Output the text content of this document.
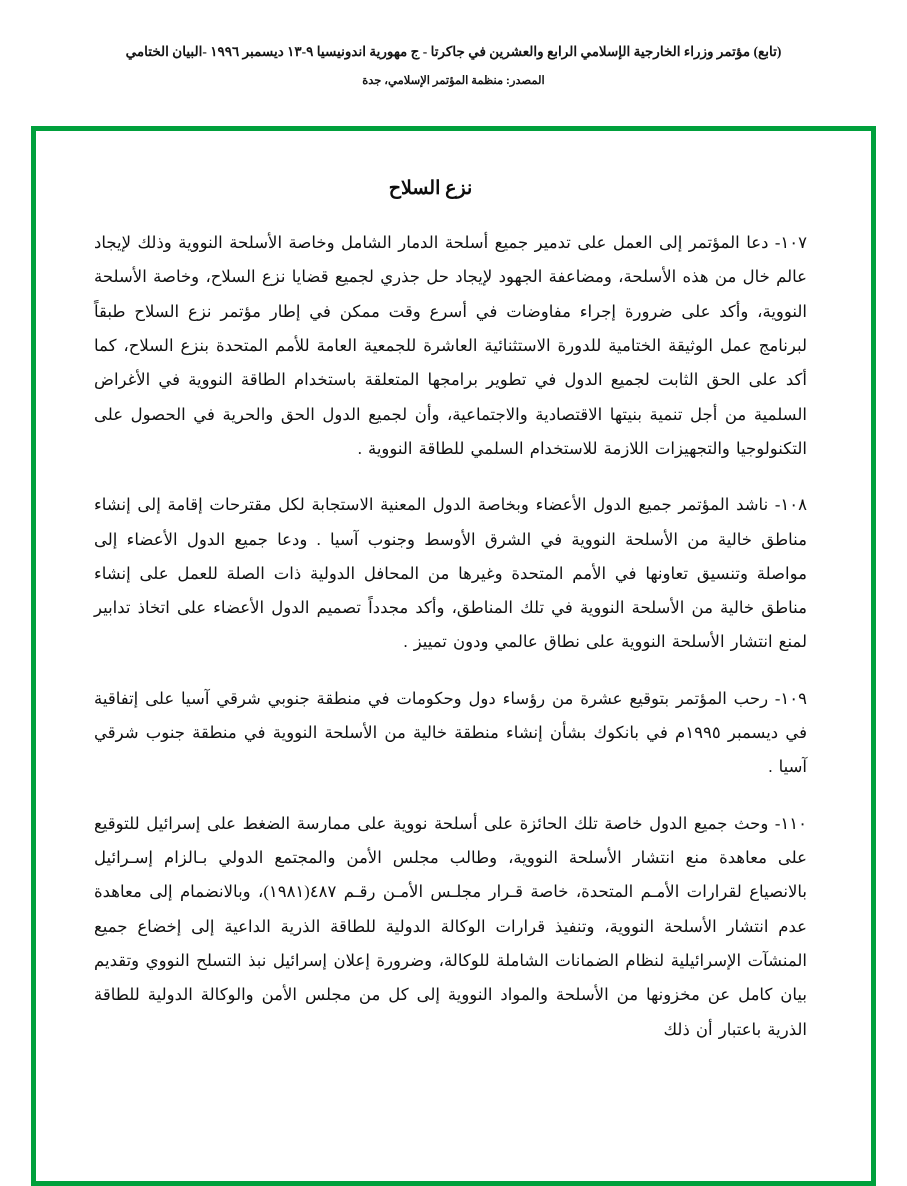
(تابع) مؤتمر وزراء الخارجية الإسلامي الرابع والعشرين في جاكرتا - ج مهورية اندونيسيا ٩-١٣ ديسمبر ١٩٩٦ -البيان الختامي
المصدر: منظمة المؤتمر الإسلامي، جدة
نزع السلاح

١٠٧- دعا المؤتمر إلى العمل على تدمير جميع أسلحة الدمار الشامل وخاصة الأسلحة النووية وذلك لإيجاد عالم خال من هذه الأسلحة، ومضاعفة الجهود لإيجاد حل جذري لجميع قضايا نزع السلاح، وخاصة الأسلحة النووية، وأكد على ضرورة إجراء مفاوضات في أسرع وقت ممكن في إطار مؤتمر نزع السلاح طبقاً لبرنامج عمل الوثيقة الختامية للدورة الاستثنائية العاشرة للجمعية العامة للأمم المتحدة بنزع السلاح، كما أكد على الحق الثابت لجميع الدول في تطوير برامجها المتعلقة باستخدام الطاقة النووية في الأغراض السلمية من أجل تنمية بنيتها الاقتصادية والاجتماعية، وأن لجميع الدول الحق والحرية في الحصول على التكنولوجيا والتجهيزات اللازمة للاستخدام السلمي للطاقة النووية .

١٠٨- ناشد المؤتمر جميع الدول الأعضاء وبخاصة الدول المعنية الاستجابة لكل مقترحات إقامة إلى إنشاء مناطق خالية من الأسلحة النووية في الشرق الأوسط وجنوب آسيا . ودعا جميع الدول الأعضاء إلى مواصلة وتنسيق تعاونها في الأمم المتحدة وغيرها من المحافل الدولية ذات الصلة للعمل على إنشاء مناطق خالية من الأسلحة النووية في تلك المناطق، وأكد مجدداً تصميم الدول الأعضاء على اتخاذ تدابير لمنع انتشار الأسلحة النووية على نطاق عالمي ودون تمييز .

١٠٩- رحب المؤتمر بتوقيع عشرة من رؤساء دول وحكومات في منطقة جنوبي شرقي آسيا على إتفاقية في ديسمبر ١٩٩٥م في بانكوك بشأن إنشاء منطقة خالية من الأسلحة النووية في منطقة جنوب شرقي آسيا .

١١٠- وحث جميع الدول خاصة تلك الحائزة على أسلحة نووية على ممارسة الضغط على إسرائيل للتوقيع على معاهدة منع انتشار الأسلحة النووية، وطالب مجلس الأمن والمجتمع الدولي بـالزام إسـرائيل بالانصياع لقرارات الأمـم المتحدة، خاصة قـرار مجلـس الأمـن رقـم ٤٨٧(١٩٨١)، وبالانضمام إلى معاهدة عدم انتشار الأسلحة النووية، وتنفيذ قرارات الوكالة الدولية للطاقة الذرية الداعية إلى إخضاع جميع المنشآت الإسرائيلية لنظام الضمانات الشاملة للوكالة، وضرورة إعلان إسرائيل نبذ التسلح النووي وتقديم بيان كامل عن مخزونها من الأسلحة والمواد النووية إلى كل من مجلس الأمن والوكالة الدولية للطاقة الذرية باعتبار أن ذلك
